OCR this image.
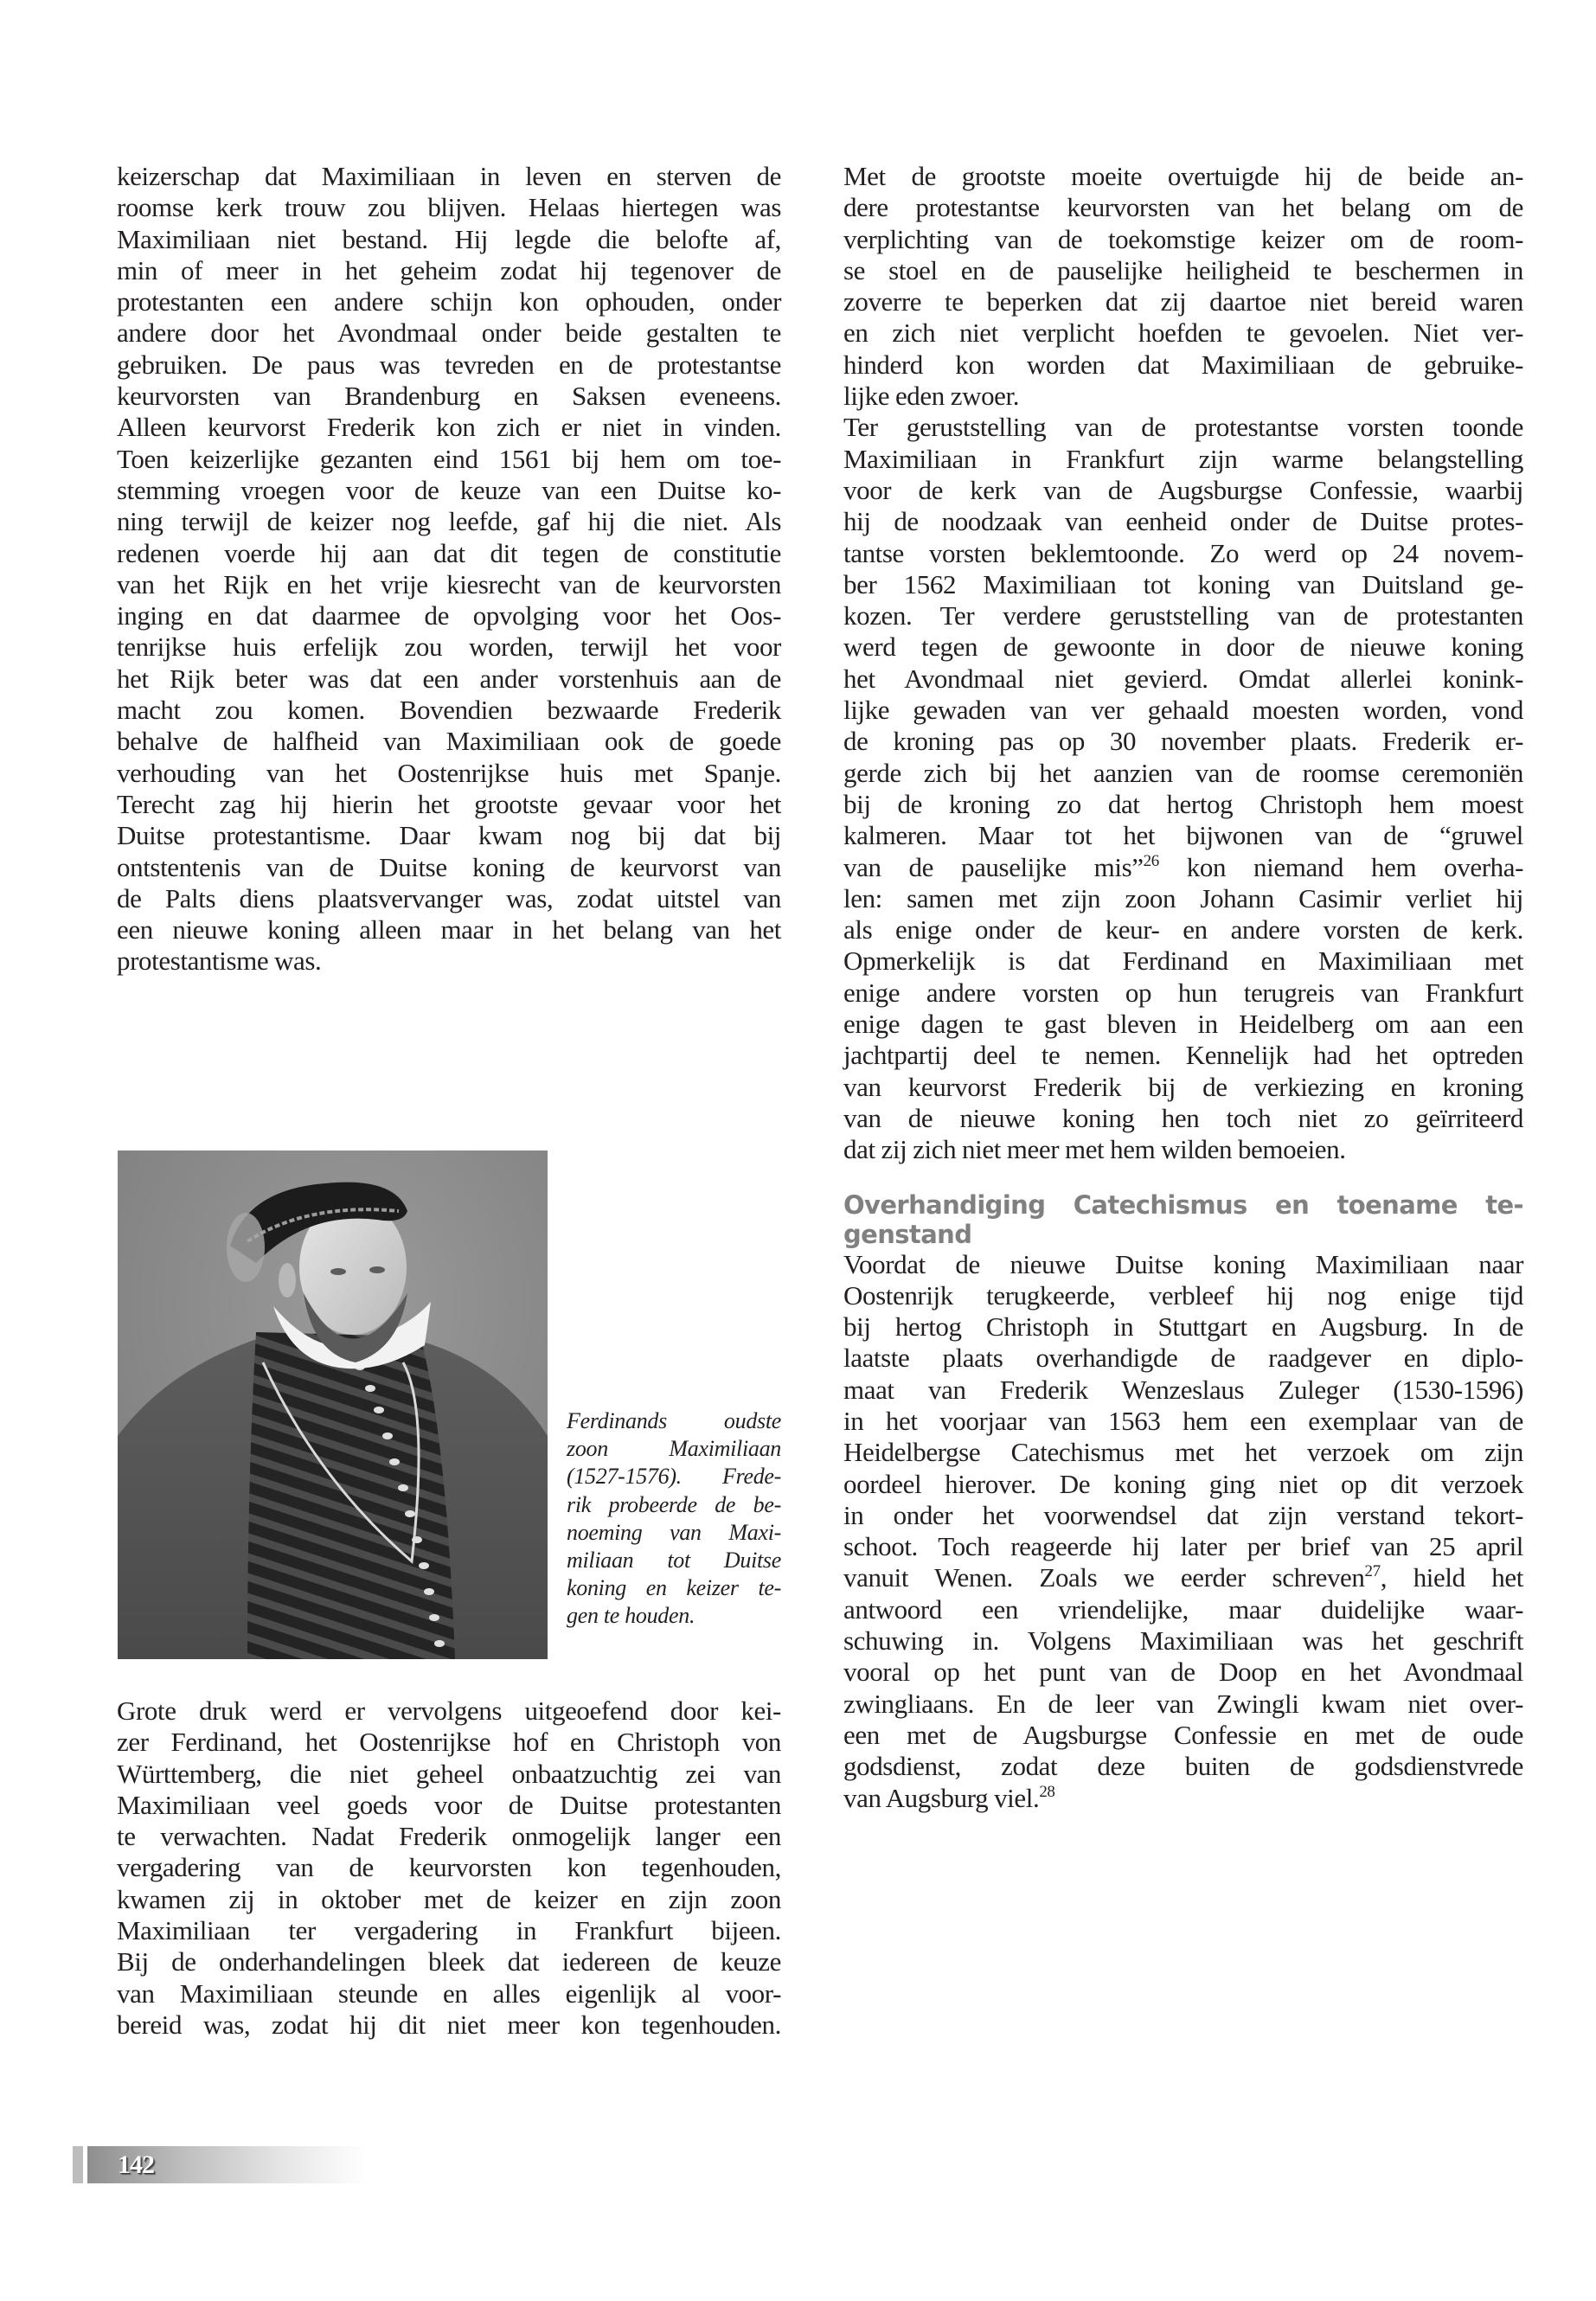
keizerschap dat Maximiliaan in leven en sterven de
roomse kerk trouw zou blijven. Helaas hiertegen was
Maximiliaan niet bestand. Hij legde die belofte af,
min of meer in het geheim zodat hij tegenover de
protestanten een andere schijn kon ophouden, onder
andere door het Avondmaal onder beide gestalten te
gebruiken. De paus was tevreden en de protestantse
keurvorsten van Brandenburg en Saksen eveneens.
Alleen keurvorst Frederik kon zich er niet in vinden.
Toen keizerlijke gezanten eind 1561 bij hem om toe-
stemming vroegen voor de keuze van een Duitse ko-
ning terwijl de keizer nog leefde, gaf hij die niet. Als
redenen voerde hij aan dat dit tegen de constitutie
van het Rijk en het vrije kiesrecht van de keurvorsten
inging en dat daarmee de opvolging voor het Oos-
tenrijkse huis erfelijk zou worden, terwijl het voor
het Rijk beter was dat een ander vorstenhuis aan de
macht zou komen. Bovendien bezwaarde Frederik
behalve de halfheid van Maximiliaan ook de goede
verhouding van het Oostenrijkse huis met Spanje.
Terecht zag hij hierin het grootste gevaar voor het
Duitse protestantisme. Daar kwam nog bij dat bij
ontstentenis van de Duitse koning de keurvorst van
de Palts diens plaatsvervanger was, zodat uitstel van
een nieuwe koning alleen maar in het belang van het
protestantisme was.
Ferdinands oudste
zoon Maximiliaan
(1527-1576). Frede-
rik probeerde de be-
noeming van Maxi-
miliaan tot Duitse
koning en keizer te-
gen te houden.
Grote druk werd er vervolgens uitgeoefend door kei-
zer Ferdinand, het Oostenrijkse hof en Christoph von
Württemberg, die niet geheel onbaatzuchtig zei van
Maximiliaan veel goeds voor de Duitse protestanten
te verwachten. Nadat Frederik onmogelijk langer een
vergadering van de keurvorsten kon tegenhouden,
kwamen zij in oktober met de keizer en zijn zoon
Maximiliaan ter vergadering in Frankfurt bijeen.
Bij de onderhandelingen bleek dat iedereen de keuze
van Maximiliaan steunde en alles eigenlijk al voor-
bereid was, zodat hij dit niet meer kon tegenhouden.
Met de grootste moeite overtuigde hij de beide an-
dere protestantse keurvorsten van het belang om de
verplichting van de toekomstige keizer om de room-
se stoel en de pauselijke heiligheid te beschermen in
zoverre te beperken dat zij daartoe niet bereid waren
en zich niet verplicht hoefden te gevoelen. Niet ver-
hinderd kon worden dat Maximiliaan de gebruike-
lijke eden zwoer.
Ter geruststelling van de protestantse vorsten toonde
Maximiliaan in Frankfurt zijn warme belangstelling
voor de kerk van de Augsburgse Confessie, waarbij
hij de noodzaak van eenheid onder de Duitse protes-
tantse vorsten beklemtoonde. Zo werd op 24 novem-
ber 1562 Maximiliaan tot koning van Duitsland ge-
kozen. Ter verdere geruststelling van de protestanten
werd tegen de gewoonte in door de nieuwe koning
het Avondmaal niet gevierd. Omdat allerlei konink-
lijke gewaden van ver gehaald moesten worden, vond
de kroning pas op 30 november plaats. Frederik er-
gerde zich bij het aanzien van de roomse ceremoniën
bij de kroning zo dat hertog Christoph hem moest
kalmeren. Maar tot het bijwonen van de “gruwel
van de pauselijke mis”$^{26}$ kon niemand hem overha-
len: samen met zijn zoon Johann Casimir verliet hij
als enige onder de keur- en andere vorsten de kerk.
Opmerkelijk is dat Ferdinand en Maximiliaan met
enige andere vorsten op hun terugreis van Frankfurt
enige dagen te gast bleven in Heidelberg om aan een
jachtpartij deel te nemen. Kennelijk had het optreden
van keurvorst Frederik bij de verkiezing en kroning
van de nieuwe koning hen toch niet zo geïrriteerd
dat zij zich niet meer met hem wilden bemoeien.
Overhandiging Catechismus en toename te-
genstand
Voordat de nieuwe Duitse koning Maximiliaan naar
Oostenrijk terugkeerde, verbleef hij nog enige tijd
bij hertog Christoph in Stuttgart en Augsburg. In de
laatste plaats overhandigde de raadgever en diplo-
maat van Frederik Wenzeslaus Zuleger (1530-1596)
in het voorjaar van 1563 hem een exemplaar van de
Heidelbergse Catechismus met het verzoek om zijn
oordeel hierover. De koning ging niet op dit verzoek
in onder het voorwendsel dat zijn verstand tekort-
schoot. Toch reageerde hij later per brief van 25 april
vanuit Wenen. Zoals we eerder schreven$^{27}$, hield het
antwoord een vriendelijke, maar duidelijke waar-
schuwing in. Volgens Maximiliaan was het geschrift
vooral op het punt van de Doop en het Avondmaal
zwingliaans. En de leer van Zwingli kwam niet over-
een met de Augsburgse Confessie en met de oude
godsdienst, zodat deze buiten de godsdienstvrede
van Augsburg viel.$^{28}$
142
